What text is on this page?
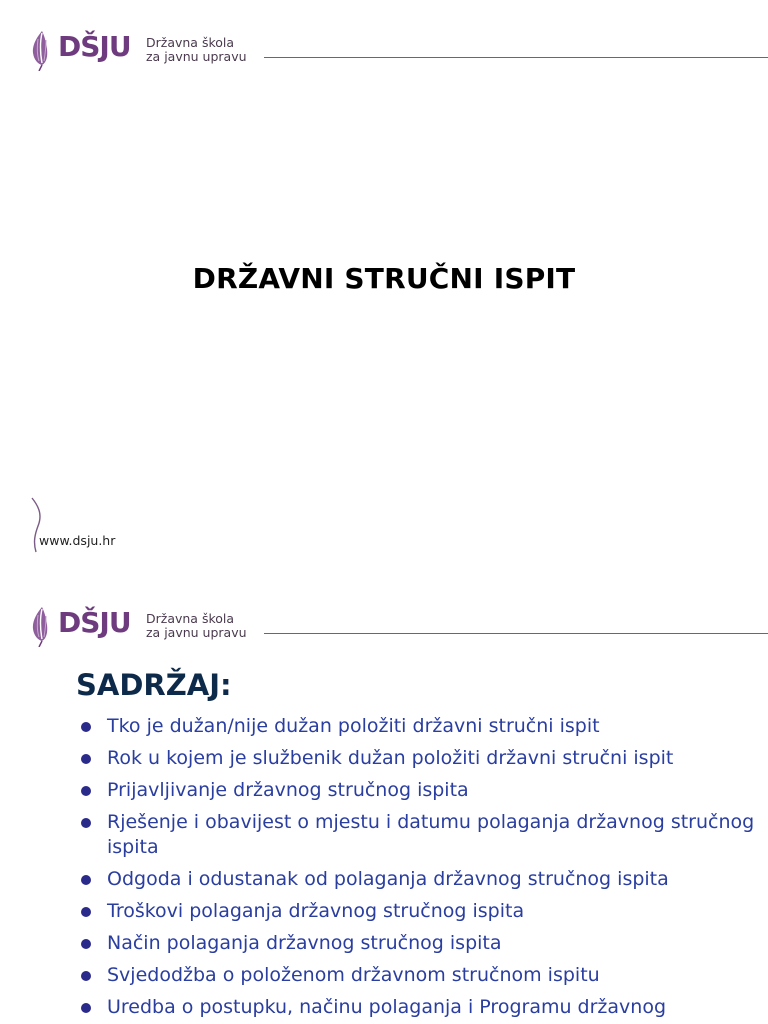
DŠJU Državna škola
za javnu upravu
DRŽAVNI STRUČNI ISPIT
www.dsju.hr
DŠJU Državna škola
za javnu upravu
SADRŽAJ:
Tko je dužan/nije dužan položiti državni stručni ispit
Rok u kojem je službenik dužan položiti državni stručni ispit
Prijavljivanje državnog stručnog ispita
Rješenje i obavijest o mjestu i datumu polaganja državnog stručnog ispita
Odgoda i odustanak od polaganja državnog stručnog ispita
Troškovi polaganja državnog stručnog ispita
Način polaganja državnog stručnog ispita
Svjedodžba o položenom državnom stručnom ispitu
Uredba o postupku, načinu polaganja i Programu državnog
